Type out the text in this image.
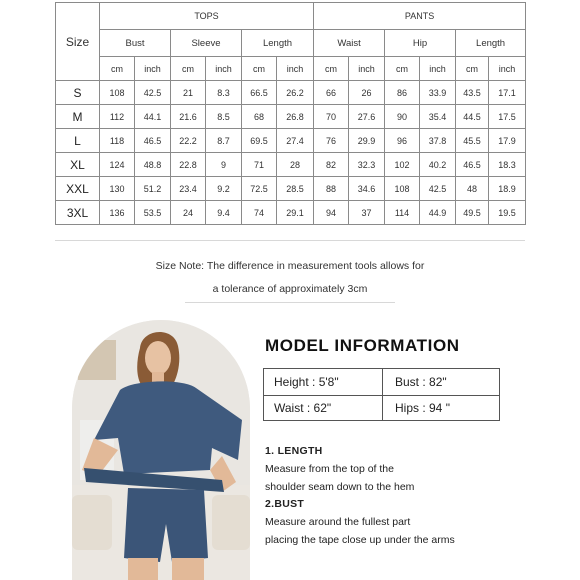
Size	TOPS						PANTS					
	Bust		Sleeve		Length		Waist		Hip		Length	
	cm	inch	cm	inch	cm	inch	cm	inch	cm	inch	cm	inch
S	108	42.5	21	8.3	66.5	26.2	66	26	86	33.9	43.5	17.1
M	112	44.1	21.6	8.5	68	26.8	70	27.6	90	35.4	44.5	17.5
L	118	46.5	22.2	8.7	69.5	27.4	76	29.9	96	37.8	45.5	17.9
XL	124	48.8	22.8	9	71	28	82	32.3	102	40.2	46.5	18.3
XXL	130	51.2	23.4	9.2	72.5	28.5	88	34.6	108	42.5	48	18.9
3XL	136	53.5	24	9.4	74	29.1	94	37	114	44.9	49.5	19.5
Size Note: The difference in measurement tools allows for
a tolerance of approximately 3cm
MODEL INFORMATION
Height : 5'8"	Bust : 82"
Waist : 62"	Hips : 94 "
1. LENGTH
Measure from the top of the
shoulder seam down to the hem
2.BUST
Measure around the fullest part
placing the tape close up under the arms
